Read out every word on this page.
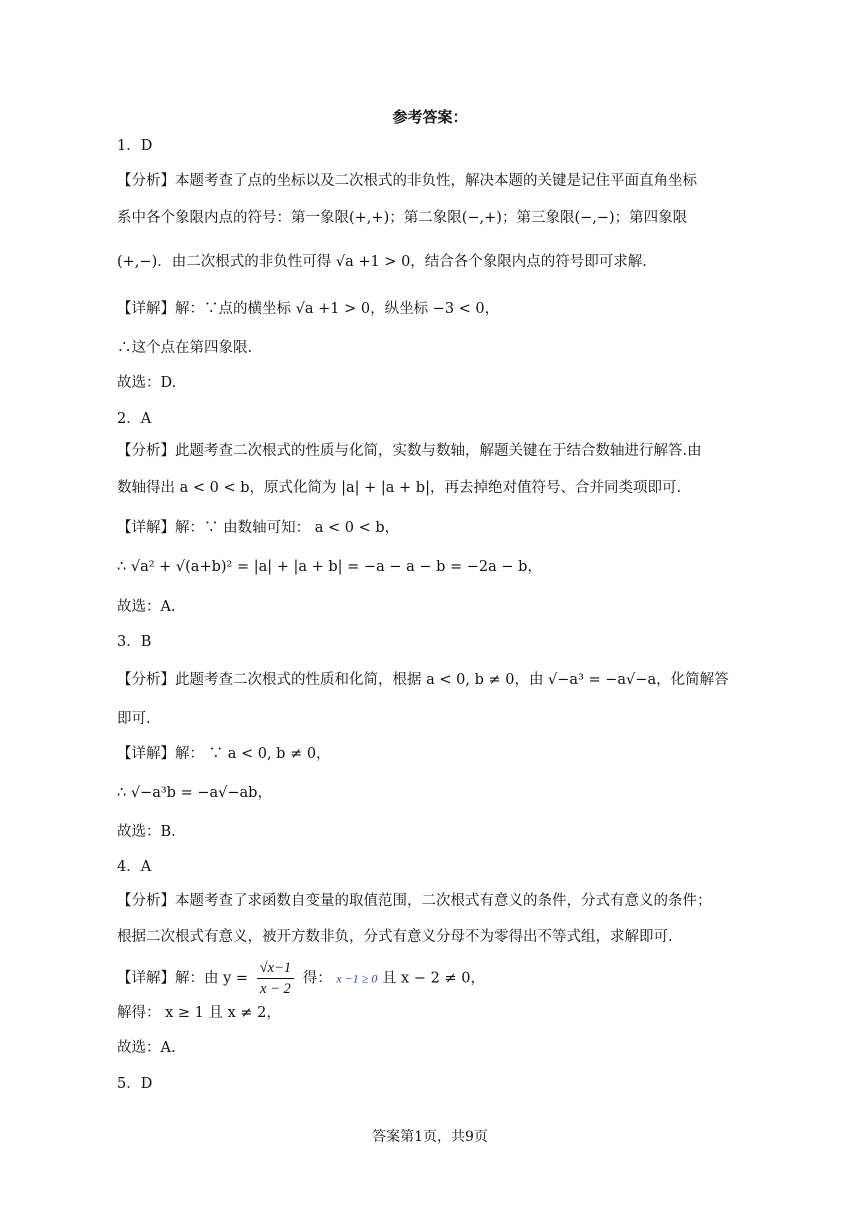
参考答案：
1．D
【分析】本题考查了点的坐标以及二次根式的非负性，解决本题的关键是记住平面直角坐标
系中各个象限内点的符号：第一象限(+,+)；第二象限(−,+)；第三象限(−,−)；第四象限
(+,−)．由二次根式的非负性可得 √a +1 > 0，结合各个象限内点的符号即可求解.
【详解】解：∵点的横坐标 √a +1 > 0，纵坐标 −3 < 0，
∴这个点在第四象限.
故选：D.
2．A
【分析】此题考查二次根式的性质与化简，实数与数轴，解题关键在于结合数轴进行解答.由
数轴得出 a < 0 < b，原式化简为 |a| + |a + b|，再去掉绝对值符号、合并同类项即可.
【详解】解：∵ 由数轴可知： a < 0 < b，
∴ √a² + √(a+b)² = |a| + |a + b| = −a − a − b = −2a − b，
故选：A.
3．B
【分析】此题考查二次根式的性质和化简，根据 a < 0, b ≠ 0，由 √−a³ = −a√−a，化简解答
即可.
【详解】解： ∵ a < 0, b ≠ 0，
∴ √−a³b = −a√−ab，
故选：B.
4．A
【分析】本题考查了求函数自变量的取值范围，二次根式有意义的条件，分式有意义的条件；
根据二次根式有意义，被开方数非负，分式有意义分母不为零得出不等式组，求解即可.
解得： x ≥ 1 且 x ≠ 2，
故选：A.
5．D
【详解】解：由 $y = \frac{√x-1}{x - 2}$ 得： x −1 ≥ 0 且 x − 2 ≠ 0，
答案第1页，共9页
